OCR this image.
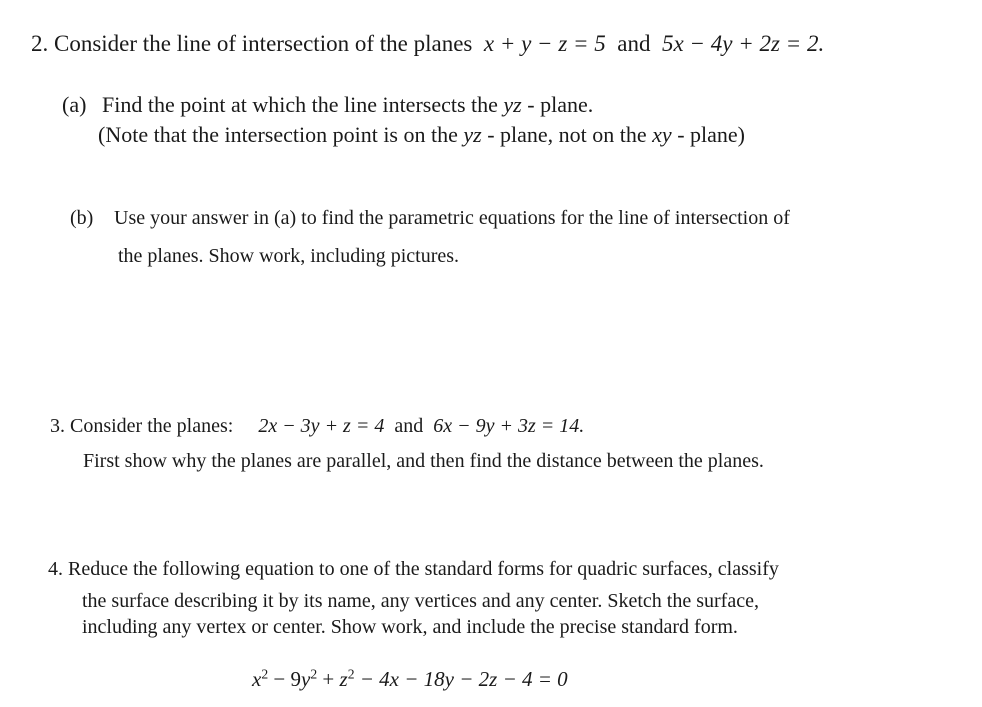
2. Consider the line of intersection of the planes x + y − z = 5 and 5x − 4y + 2z = 2.
(a) Find the point at which the line intersects the yz - plane.
(Note that the intersection point is on the yz - plane, not on the xy - plane)
(b) Use your answer in (a) to find the parametric equations for the line of intersection of
the planes. Show work, including pictures.
3. Consider the planes: 2x − 3y + z = 4 and 6x − 9y + 3z = 14.
First show why the planes are parallel, and then find the distance between the planes.
4. Reduce the following equation to one of the standard forms for quadric surfaces, classify
the surface describing it by its name, any vertices and any center. Sketch the surface,
including any vertex or center. Show work, and include the precise standard form.
$x^2 - 9y^2 + z^2 - 4x - 18y - 2z - 4 = 0$
